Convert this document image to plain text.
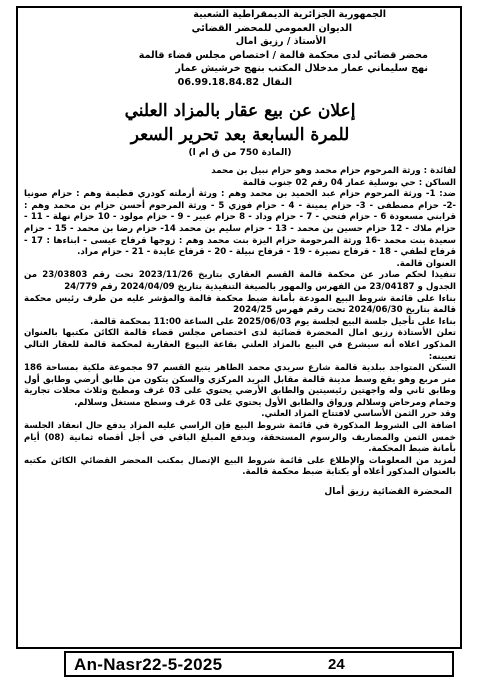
الجمهورية الجزائرية الديمقراطية الشعبية
الديوان العمومي للمحضر القضائي
الأستاذ / رزيق امال
محضر قضائي لدى محكمة قالمة / اختصاص مجلس قضاء قالمة
نهج سليماني عمار مدخلال المكتب بنهج خرشيش عمار
النقال 06.99.18.84.82
إعلان عن بيع عقار بالمزاد العلني
للمرة السابعة بعد تحرير السعر
(المادة 750 من ق ام ا)

لفائدة : ورثة المرحوم حزام محمد وهو حزام نبيل بن محمد

الساكن : حي بوسلية عمار 04 رقم 02 جنوب قالمة

ضد: 1- ورثة المرحوم حزام عبد الحميد بن محمد وهم : ورثة أرملته كودري فطيمة وهم : حزام صونيا -2- حزام مصطفى - 3- حزام يمينة - 4 - حزام فوزي 5 - ورثة المرحوم أحسن حزام بن محمد وهم : قرابني مسعودة 6 - حزام فتحي - 7 - حزام وداد - 8 حزام عبير - 9 - حزام مولود - 10 حزام نهلة - 11 - حزام ملاك - 12 حزام حسين بن محمد - 13 - حزام سليم بن محمد 14- حزام رضا بن محمد - 15 - حزام سعيدة بنت محمد -16 ورثة المرحومة حزام اليزة بنت محمد وهم : زوجها قرفاح عيسى - ابناءها : 17 - قرفاح لطفي - 18 - قرفاح نصيرة - 19 - قرفاح نبيلة - 20 - قرفاح عايدة - 21 - حزام مراد.

العنوان قالمة.

تنفيذا لحكم صادر عن محكمة قالمة القسم العقاري بتاريخ 2023/11/26 تحت رقم 23/03803 من الجدول و 23/04187 من الفهرس والمهور بالصيغة التنفيذية بتاريخ 2024/04/09 رقم 24/779

بناءا على قائمة شروط البيع المودعة بأمانة ضبط محكمة قالمة والمؤشر عليه من طرف رئيس محكمة قالمة بتاريخ 2024/06/30 تحت رقم فهرس 2024/25

بناءا على تأجيل جلسة البيع لجلسة يوم 2025/06/03 على الساعة 11:00 بمحكمة قالمة.

تعلن الأستاذة رزيق امال المحضرة قضائية لدى اختصاص مجلس قضاء قالمة الكائن مكتبها بالعنوان المذكور اعلاه أنه سيشرع في البيع بالمزاد العلني بقاعة البيوع العقارية لمحكمة قالمة للعقار التالي تعيينه:

السكن المتواجد ببلدية قالمة شارع سريدي محمد الطاهر يتبع القسم 97 مجموعة ملكية بمساحة 186 متر مربع وهو يقع وسط مدينة قالمة مقابل البريد المركزي والسكن يتكون من طابق أرضي وطابق أول وطابق ثاني وله واجهتين رئيسيتين والطابق الأرضي يحتوي على 03 غرف ومطبخ وثلاث محلات تجارية وحمام ومرحاض وسلالم ورواق والطابق الأول يحتوي على 03 غرف وسطح مستغل وسلالم.

وقد حرر الثمن الأساسي لافتتاح المزاد العلني.

اضافة الى الشروط المذكورة في قائمة شروط البيع فإن الراسي عليه المزاد يدفع حال انعقاد الجلسة خمس الثمن والمصاريف والرسوم المستحقة، ويدفع المبلغ الباقي في أجل أقصاه ثمانية (08) أيام بأمانة ضبط المحكمة.

لمزيد من المعلومات والإطلاع على قائمة شروط البيع الإتصال بمكتب المحضر القضائي الكائن مكتبه بالعنوان المذكور أعلاه أو بكتابة ضبط محكمة قالمة.

المحضرة القضائية رزيق أمال
An-Nasr22-5-2025	24
